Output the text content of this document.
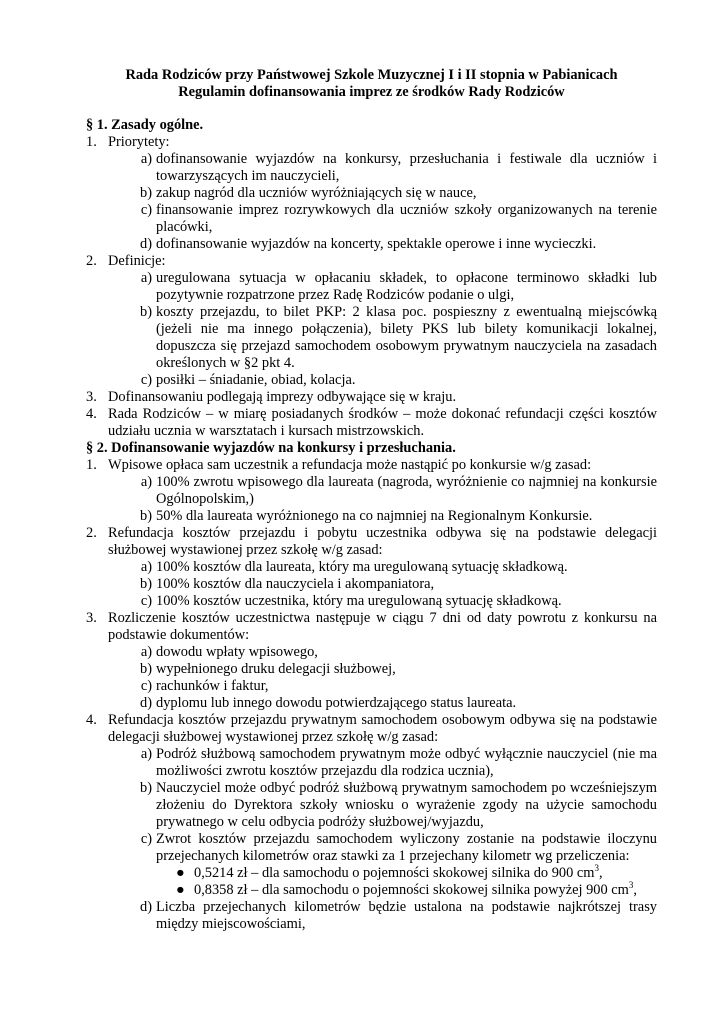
Rada Rodziców przy Państwowej Szkole Muzycznej I i II stopnia w Pabianicach

Regulamin dofinansowania imprez ze środków Rady Rodziców

§ 1. Zasady ogólne.
1. Priorytety:
a) dofinansowanie wyjazdów na konkursy, przesłuchania i festiwale dla uczniów i towarzyszących im nauczycieli,
b) zakup nagród dla uczniów wyróżniających się w nauce,
c) finansowanie imprez rozrywkowych dla uczniów szkoły organizowanych na terenie placówki,
d) dofinansowanie wyjazdów na koncerty, spektakle operowe i inne wycieczki.
2. Definicje:
a) uregulowana sytuacja w opłacaniu składek, to opłacone terminowo składki lub pozytywnie rozpatrzone przez Radę Rodziców podanie o ulgi,
b) koszty przejazdu, to bilet PKP: 2 klasa poc. pospieszny z ewentualną miejscówką (jeżeli nie ma innego połączenia), bilety PKS lub bilety komunikacji lokalnej, dopuszcza się przejazd samochodem osobowym prywatnym nauczyciela na zasadach określonych w §2 pkt 4.
c) posiłki – śniadanie, obiad, kolacja.
3. Dofinansowaniu podlegają imprezy odbywające się w kraju.
4. Rada Rodziców – w miarę posiadanych środków – może dokonać refundacji części kosztów udziału ucznia w warsztatach i kursach mistrzowskich.
§ 2. Dofinansowanie wyjazdów na konkursy i przesłuchania.
1. Wpisowe opłaca sam uczestnik a refundacja może nastąpić po konkursie w/g zasad:
a) 100% zwrotu wpisowego dla laureata (nagroda, wyróżnienie co najmniej na konkursie Ogólnopolskim,)
b) 50% dla laureata wyróżnionego na co najmniej na Regionalnym Konkursie.
2. Refundacja kosztów przejazdu i pobytu uczestnika odbywa się na podstawie delegacji służbowej wystawionej przez szkołę w/g zasad:
a) 100% kosztów dla laureata, który ma uregulowaną sytuację składkową.
b) 100% kosztów dla nauczyciela i akompaniatora,
c) 100% kosztów uczestnika, który ma uregulowaną sytuację składkową.
3. Rozliczenie kosztów uczestnictwa następuje w ciągu 7 dni od daty powrotu z konkursu na podstawie dokumentów:
a) dowodu wpłaty wpisowego,
b) wypełnionego druku delegacji służbowej,
c) rachunków i faktur,
d) dyplomu lub innego dowodu potwierdzającego status laureata.
4. Refundacja kosztów przejazdu prywatnym samochodem osobowym odbywa się na podstawie delegacji służbowej wystawionej przez szkołę w/g zasad:
a) Podróż służbową samochodem prywatnym może odbyć wyłącznie nauczyciel (nie ma możliwości zwrotu kosztów przejazdu dla rodzica ucznia),
b) Nauczyciel może odbyć podróż służbową prywatnym samochodem po wcześniejszym złożeniu do Dyrektora szkoły wniosku o wyrażenie zgody na użycie samochodu prywatnego w celu odbycia podróży służbowej/wyjazdu,
c) Zwrot kosztów przejazdu samochodem wyliczony zostanie na podstawie iloczynu przejechanych kilometrów oraz stawki za 1 przejechany kilometr wg przeliczenia:
● 0,5214 zł – dla samochodu o pojemności skokowej silnika do 900 $cm^3$,
● 0,8358 zł – dla samochodu o pojemności skokowej silnika powyżej 900 $cm^3$,
d) Liczba przejechanych kilometrów będzie ustalona na podstawie najkrótszej trasy między miejscowościami,
